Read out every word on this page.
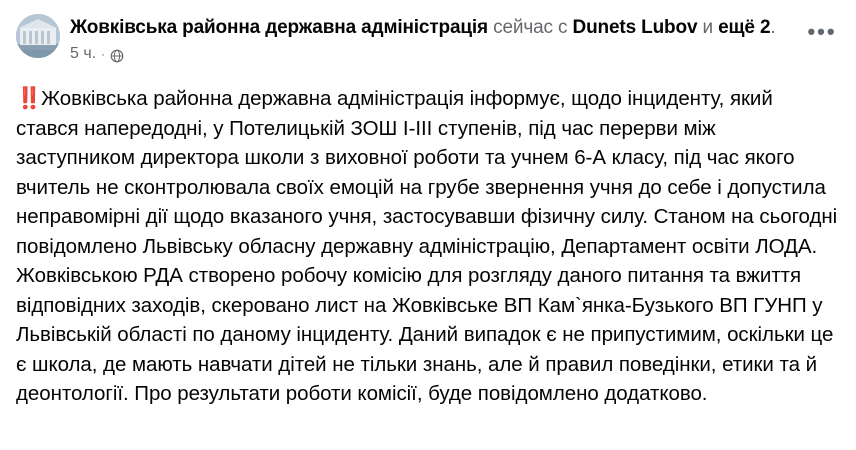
Жовківська районна державна адміністрація сейчас с Dunets Lubov и ещё 2.
5 ч. ·
•••
‼️Жовківська районна державна адміністрація інформує, щодо інциденту, який стався напередодні, у Потелицькій ЗОШ I-III ступенів, під час перерви між заступником директора школи з виховної роботи та учнем 6-А класу, під час якого вчитель не сконтролювала своїх емоцій на грубе звернення учня до себе і допустила неправомірні дії щодо вказаного учня, застосувавши фізичну силу. Станом на сьогодні повідомлено Львівську обласну державну адміністрацію, Департамент освіти ЛОДА. Жовківською РДА створено робочу комісію для розгляду даного питання та вжиття відповідних заходів, скеровано лист на Жовківське ВП Кам`янка-Бузького ВП ГУНП у Львівській області по даному інциденту. Даний випадок є не припустимим, оскільки це є школа, де мають навчати дітей не тільки знань, але й правил поведінки, етики та й деонтології. Про результати роботи комісії, буде повідомлено додатково.
